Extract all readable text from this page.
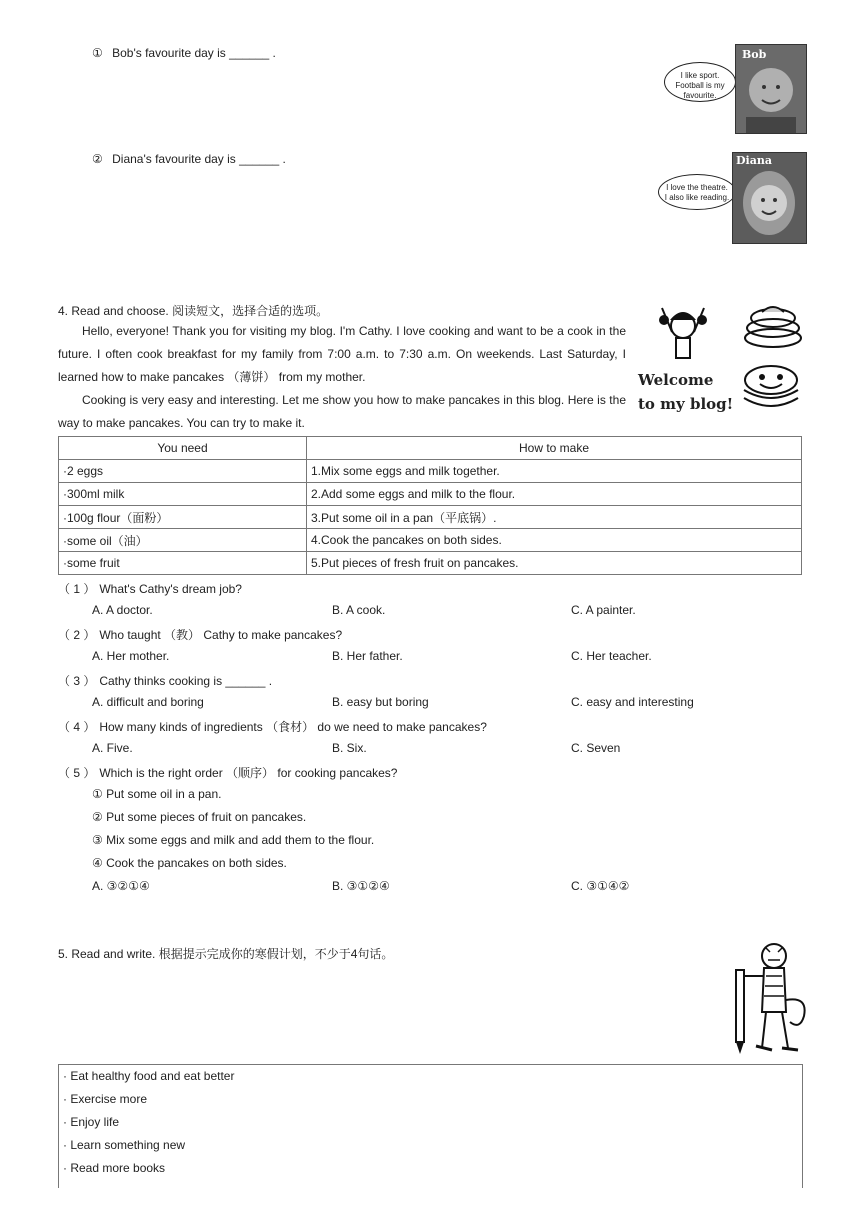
① Bob's favourite day is ______ .
I like sport.
Football is my
favourite.
Bob
② Diana's favourite day is ______ .
I love the theatre.
I also like reading.
Diana
4. Read and choose. 阅读短文，选择合适的选项。
Hello, everyone! Thank you for visiting my blog. I'm Cathy. I love cooking and want to be a cook in the future. I often cook breakfast for my family from 7:00 a.m. to 7:30 a.m. On weekends. Last Saturday, I learned how to make pancakes （薄饼） from my mother.
Cooking is very easy and interesting. Let me show you how to make pancakes in this blog. Here is the way to make pancakes. You can try to make it.
Welcome
to my blog!
You need	How to make
·2 eggs	1.Mix some eggs and milk together.
·300ml milk	2.Add some eggs and milk to the flour.
·100g flour（面粉）	3.Put some oil in a pan（平底锅）.
·some oil（油）	4.Cook the pancakes on both sides.
·some fruit	5.Put pieces of fresh fruit on pancakes.
（ 1 ） What's Cathy's dream job?
A. A doctor.	B. A cook.	C. A painter.
（ 2 ） Who taught （教） Cathy to make pancakes?
A. Her mother.	B. Her father.	C. Her teacher.
（ 3 ） Cathy thinks cooking is ______ .
A. difficult and boring	B. easy but boring	C. easy and interesting
（ 4 ） How many kinds of ingredients （食材） do we need to make pancakes?
A. Five.	B. Six.	C. Seven
（ 5 ） Which is the right order （顺序） for cooking pancakes?
① Put some oil in a pan.
② Put some pieces of fruit on pancakes.
③ Mix some eggs and milk and add them to the flour.
④ Cook the pancakes on both sides.
A. ③②①④	B. ③①②④	C. ③①④②
5. Read and write. 根据提示完成你的寒假计划，不少于4句话。
· Eat healthy food and eat better
· Exercise more
· Enjoy life
· Learn something new
· Read more books
